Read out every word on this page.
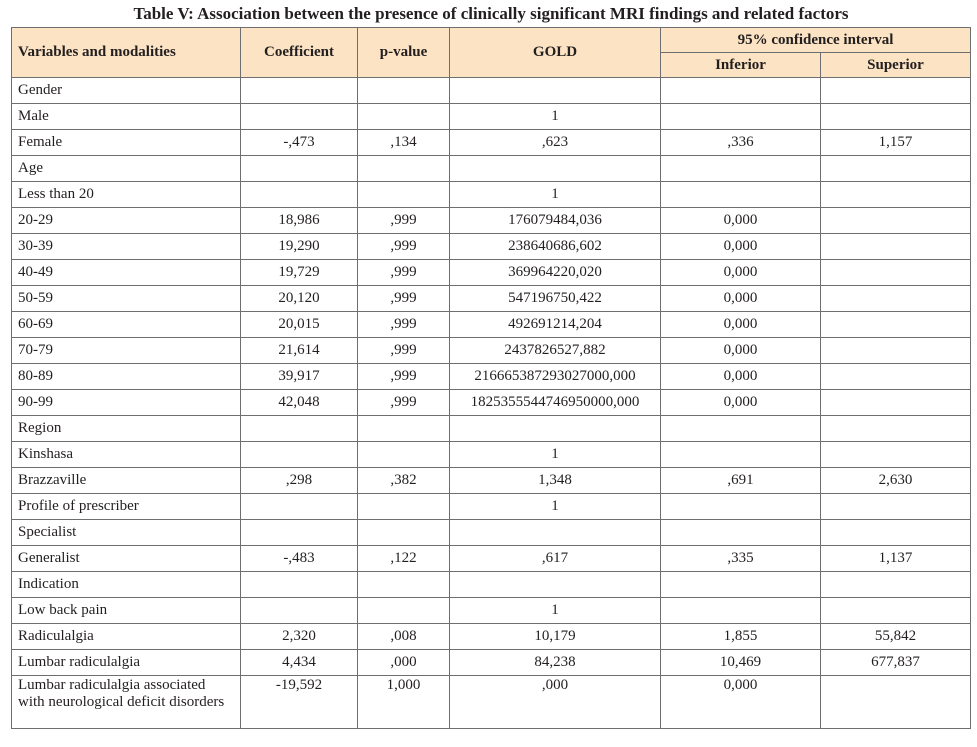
Table V: Association between the presence of clinically significant MRI findings and related factors
Variables and modalities	Coefficient	p-value	GOLD	95% confidence interval	
				Inferior	Superior
Gender					
Male			1		
Female	-,473	,134	,623	,336	1,157
Age					
Less than 20			1		
20-29	18,986	,999	176079484,036	0,000	
30-39	19,290	,999	238640686,602	0,000	
40-49	19,729	,999	369964220,020	0,000	
50-59	20,120	,999	547196750,422	0,000	
60-69	20,015	,999	492691214,204	0,000	
70-79	21,614	,999	2437826527,882	0,000	
80-89	39,917	,999	216665387293027000,000	0,000	
90-99	42,048	,999	1825355544746950000,000	0,000	
Region					
Kinshasa			1		
Brazzaville	,298	,382	1,348	,691	2,630
Profile of prescriber			1		
Specialist					
Generalist	-,483	,122	,617	,335	1,137
Indication					
Low back pain			1		
Radiculalgia	2,320	,008	10,179	1,855	55,842
Lumbar radiculalgia	4,434	,000	84,238	10,469	677,837
Lumbar radiculalgia associated with neurological deficit disorders	-19,592	1,000	,000	0,000	
